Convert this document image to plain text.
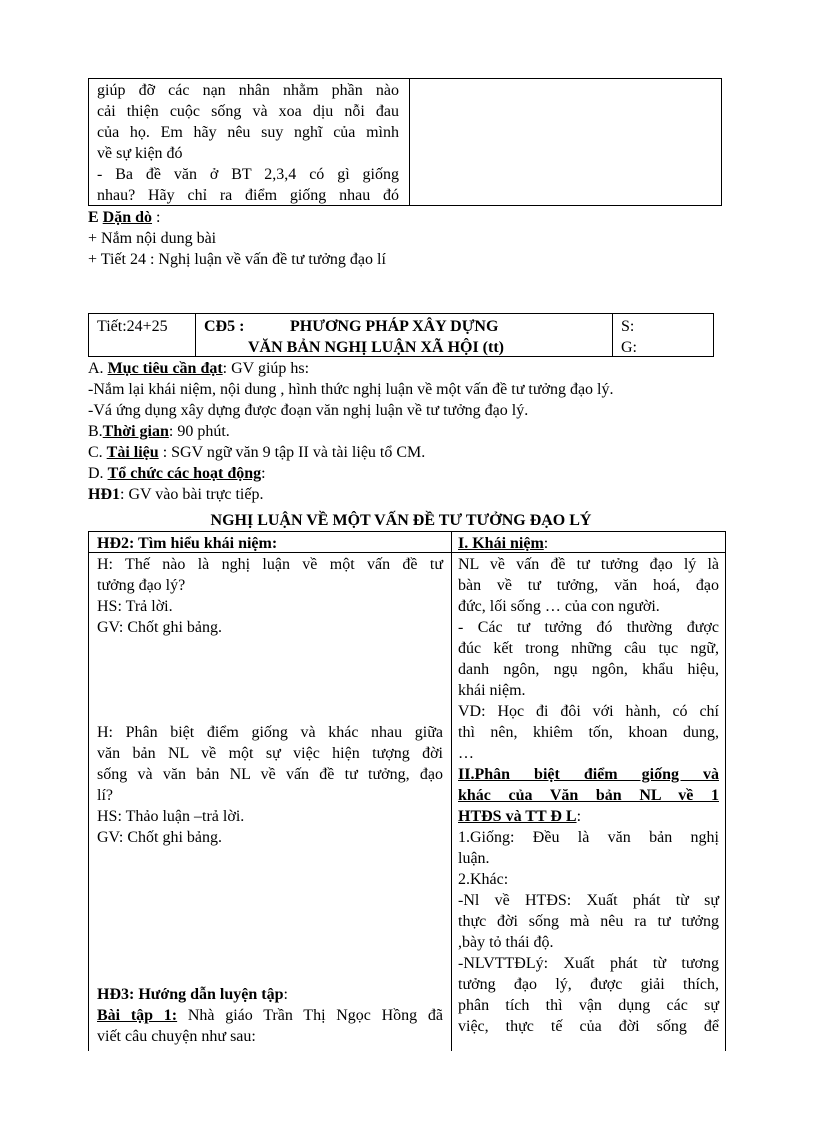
giúp đỡ các nạn nhân nhằm phần nào
cải thiện cuộc sống và xoa dịu nỗi đau
của họ. Em hãy nêu suy nghĩ của mình
về sự kiện đó
- Ba đề văn ở BT 2,3,4 có gì giống
nhau? Hãy chỉ ra điểm giống nhau đó
E Dặn dò :
+ Nắm nội dung bài
+ Tiết 24 : Nghị luận về vấn đề tư tưởng đạo lí
Tiết:24+25 CĐ5 :	PHƯƠNG PHÁP XÂY DỰNG
VĂN BẢN NGHỊ LUẬN XÃ HỘI (tt)
S:
G:
A. Mục tiêu cần đạt: GV giúp hs:
-Nắm lại khái niệm, nội dung , hình thức nghị luận về một vấn đề tư tưởng đạo lý.
-Vá ứng dụng xây dựng được đoạn văn nghị luận về tư tưởng đạo lý.
B.Thời gian: 90 phút.
C. Tài liệu : SGV ngữ văn 9 tập II và tài liệu tổ CM.
D. Tổ chức các hoạt động:
HĐ1: GV vào bài trực tiếp.
NGHỊ LUẬN VỀ MỘT VẤN ĐỀ TƯ TƯỞNG ĐẠO LÝ
HĐ2: Tìm hiểu khái niệm:
H: Thế nào là nghị luận về một vấn đề tư
tưởng đạo lý?
HS: Trả lời.
GV: Chốt ghi bảng.
H: Phân biệt điểm giống và khác nhau giữa
văn bản NL về một sự việc hiện tượng đời
sống và văn bản NL về vấn đề tư tưởng, đạo
lí?
HS: Thảo luận –trả lời.
GV: Chốt ghi bảng.
HĐ3: Hướng dẫn luyện tập:
Bài tập 1: Nhà giáo Trần Thị Ngọc Hồng đã
viết câu chuyện như sau:
I. Khái niệm:
NL về vấn đề tư tưởng đạo lý là
bàn về tư tưởng, văn hoá, đạo
đức, lối sống … của con người.
- Các tư tưởng đó thường được
đúc kết trong những câu tục ngữ,
danh ngôn, ngụ ngôn, khẩu hiệu,
khái niệm.
VD: Học đi đôi với hành, có chí
thì nên, khiêm tốn, khoan dung,
…
II.Phân biệt điểm giống và
khác của Văn bản NL về 1
HTĐS và TT Đ L:
1.Giống: Đều là văn bản nghị
luận.
2.Khác:
-Nl về HTĐS: Xuất phát từ sự
thực đời sống mà nêu ra tư tưởng
,bày tỏ thái độ.
-NLVTTĐLý: Xuất phát từ tương
tưởng đạo lý, được giải thích,
phân tích thì vận dụng các sự
việc, thực tế của đời sống để
